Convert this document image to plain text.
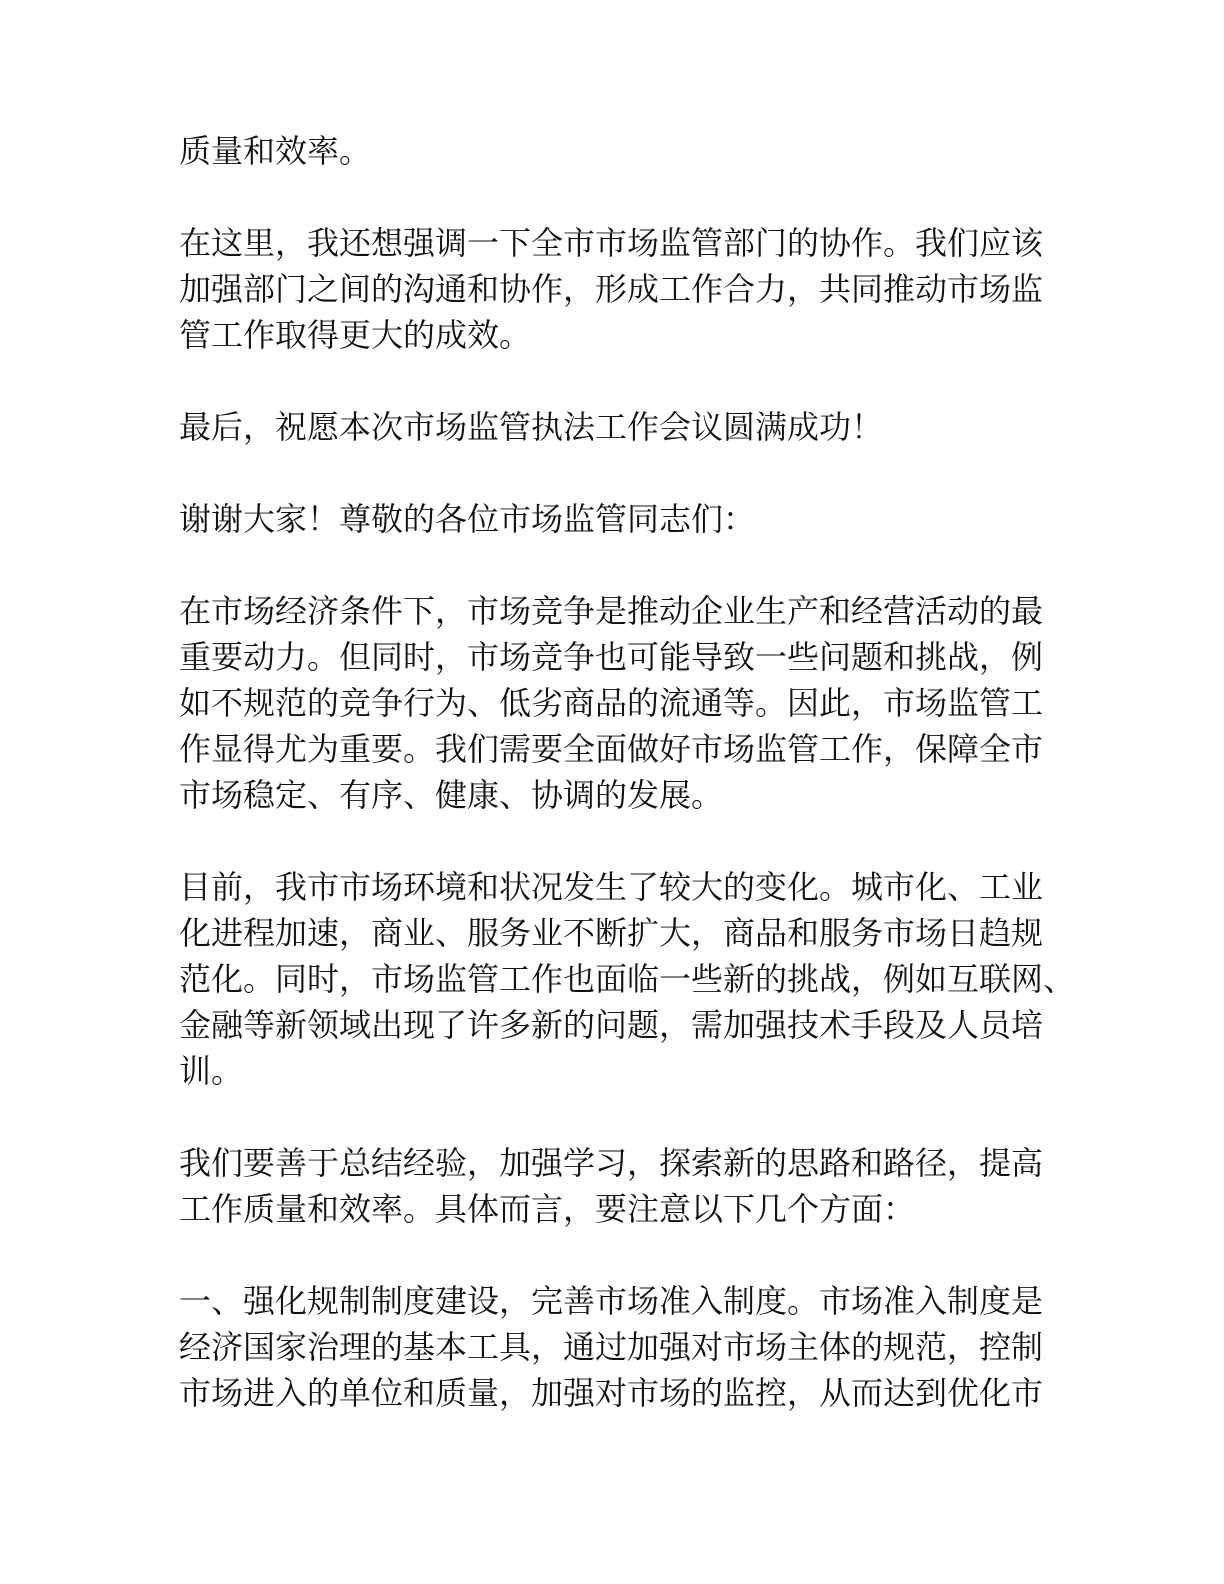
质量和效率。

在这里，我还想强调一下全市市场监管部门的协作。我们应该
加强部门之间的沟通和协作，形成工作合力，共同推动市场监
管工作取得更大的成效。

最后，祝愿本次市场监管执法工作会议圆满成功！

谢谢大家！尊敬的各位市场监管同志们：

在市场经济条件下，市场竞争是推动企业生产和经营活动的最
重要动力。但同时，市场竞争也可能导致一些问题和挑战，例
如不规范的竞争行为、低劣商品的流通等。因此，市场监管工
作显得尤为重要。我们需要全面做好市场监管工作，保障全市
市场稳定、有序、健康、协调的发展。

目前，我市市场环境和状况发生了较大的变化。城市化、工业
化进程加速，商业、服务业不断扩大，商品和服务市场日趋规
范化。同时，市场监管工作也面临一些新的挑战，例如互联网、
金融等新领域出现了许多新的问题，需加强技术手段及人员培
训。

我们要善于总结经验，加强学习，探索新的思路和路径，提高
工作质量和效率。具体而言，要注意以下几个方面：

一、强化规制制度建设，完善市场准入制度。市场准入制度是
经济国家治理的基本工具，通过加强对市场主体的规范，控制
市场进入的单位和质量，加强对市场的监控，从而达到优化市
